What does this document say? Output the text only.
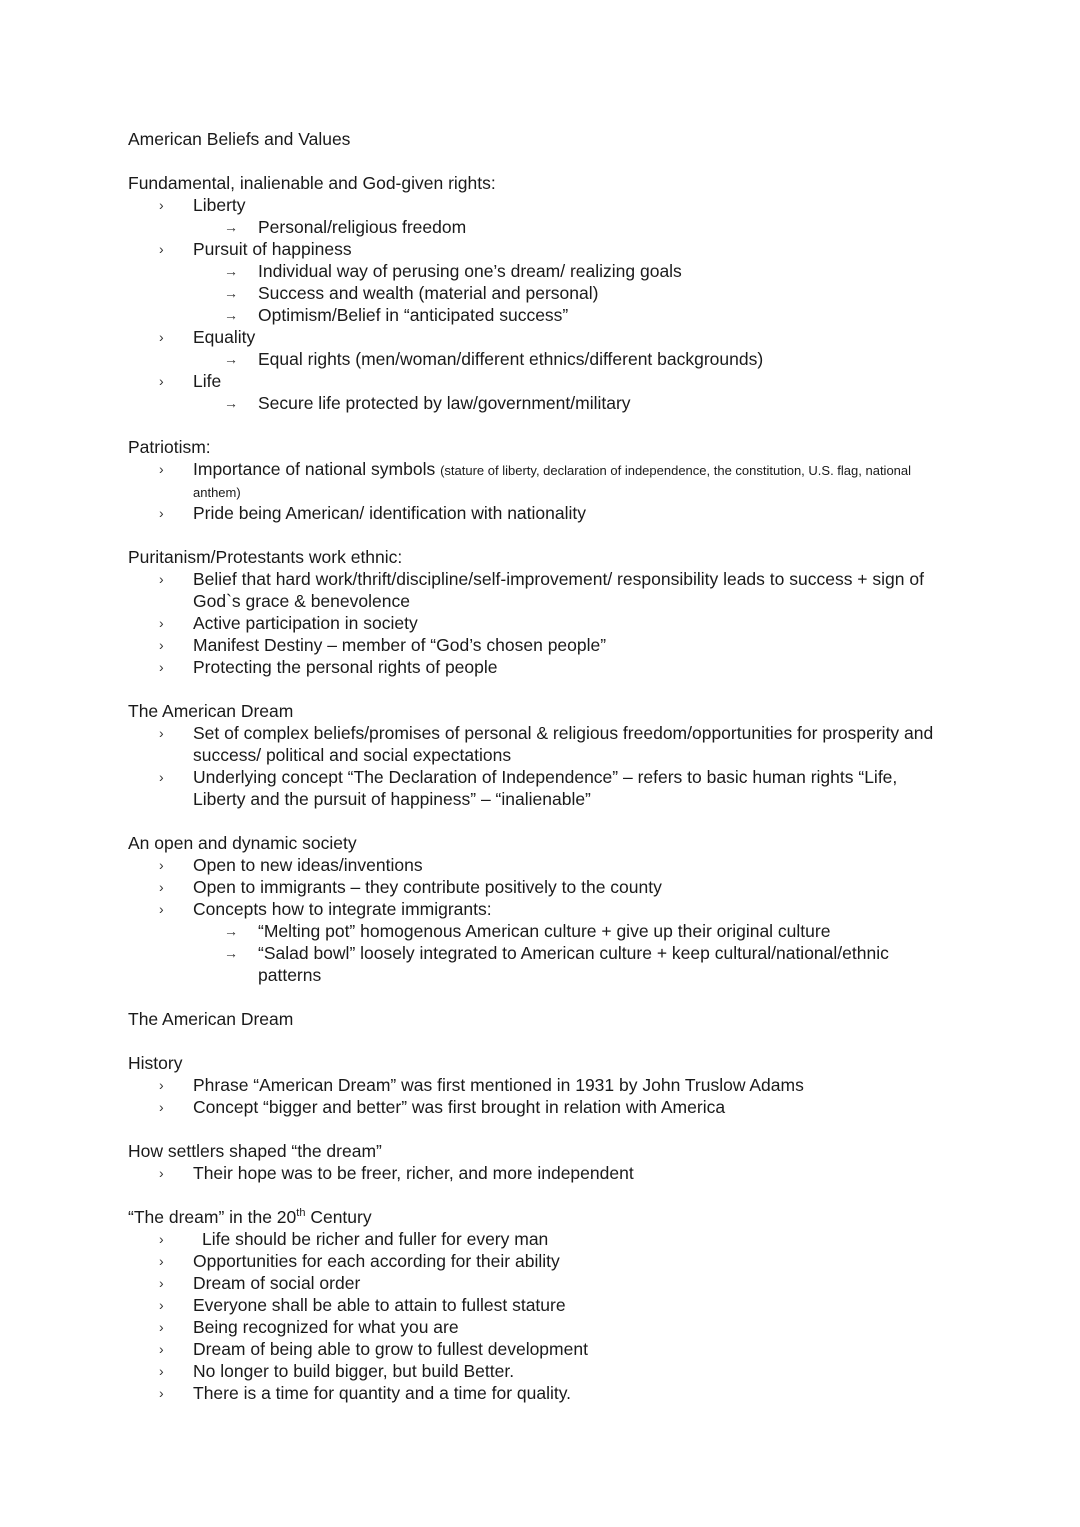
American Beliefs and Values

Fundamental, inalienable and God-given rights:

›	Liberty
→ Personal/religious freedom
›	Pursuit of happiness
→ Individual way of perusing one’s dream/ realizing goals
→ Success and wealth (material and personal)
→ Optimism/Belief in “anticipated success”
›	Equality
→ Equal rights (men/woman/different ethnics/different backgrounds)
›	Life
→ Secure life protected by law/government/military

Patriotism:

›	Importance of national symbols (stature of liberty, declaration of independence, the constitution, U.S. flag, national anthem)
›	Pride being American/ identification with nationality

Puritanism/Protestants work ethnic:

›	Belief that hard work/thrift/discipline/self-improvement/ responsibility leads to success + sign of God`s grace & benevolence
›	Active participation in society
›	Manifest Destiny – member of “God’s chosen people”
›	Protecting the personal rights of people

The American Dream

›	Set of complex beliefs/promises of personal & religious freedom/opportunities for prosperity and success/ political and social expectations
›	Underlying concept “The Declaration of Independence” – refers to basic human rights “Life, Liberty and the pursuit of happiness” – “inalienable”

An open and dynamic society

›	Open to new ideas/inventions
›	Open to immigrants – they contribute positively to the county
›	Concepts how to integrate immigrants:
→ “Melting pot” homogenous American culture + give up their original culture
→ “Salad bowl” loosely integrated to American culture + keep cultural/national/ethnic patterns

The American Dream

History

›	Phrase “American Dream” was first mentioned in 1931 by John Truslow Adams
›	Concept “bigger and better” was first brought in relation with America

How settlers shaped “the dream”

›	Their hope was to be freer, richer, and more independent

“The dream” in the 20th Century

›	Life should be richer and fuller for every man
›	Opportunities for each according for their ability
›	Dream of social order
›	Everyone shall be able to attain to fullest stature
›	Being recognized for what you are
›	Dream of being able to grow to fullest development
›	No longer to build bigger, but build Better.
›	There is a time for quantity and a time for quality.
